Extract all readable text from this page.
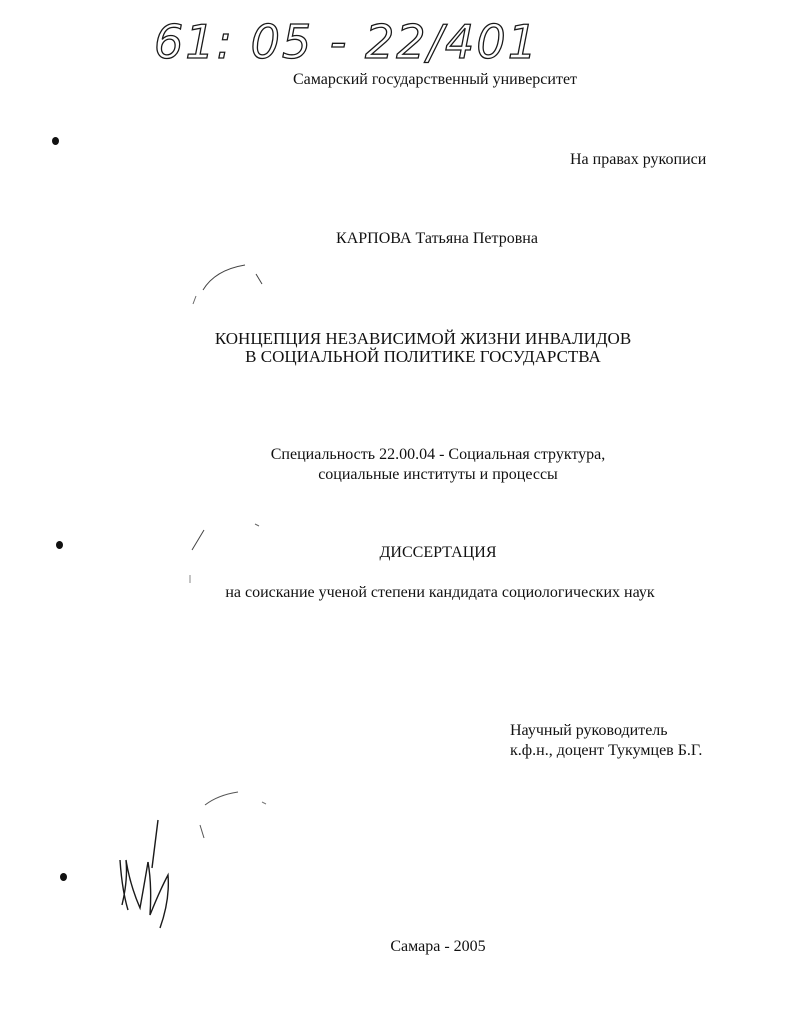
61: 05 - 22/401
Самарский государственный университет
На правах рукописи
КАРПОВА Татьяна Петровна
КОНЦЕПЦИЯ НЕЗАВИСИМОЙ ЖИЗНИ ИНВАЛИДОВ
В СОЦИАЛЬНОЙ ПОЛИТИКЕ ГОСУДАРСТВА
Специальность 22.00.04 - Социальная структура,
социальные институты и процессы
ДИССЕРТАЦИЯ
на соискание ученой степени кандидата социологических наук
Научный руководитель
к.ф.н., доцент Тукумцев Б.Г.
Самара - 2005
